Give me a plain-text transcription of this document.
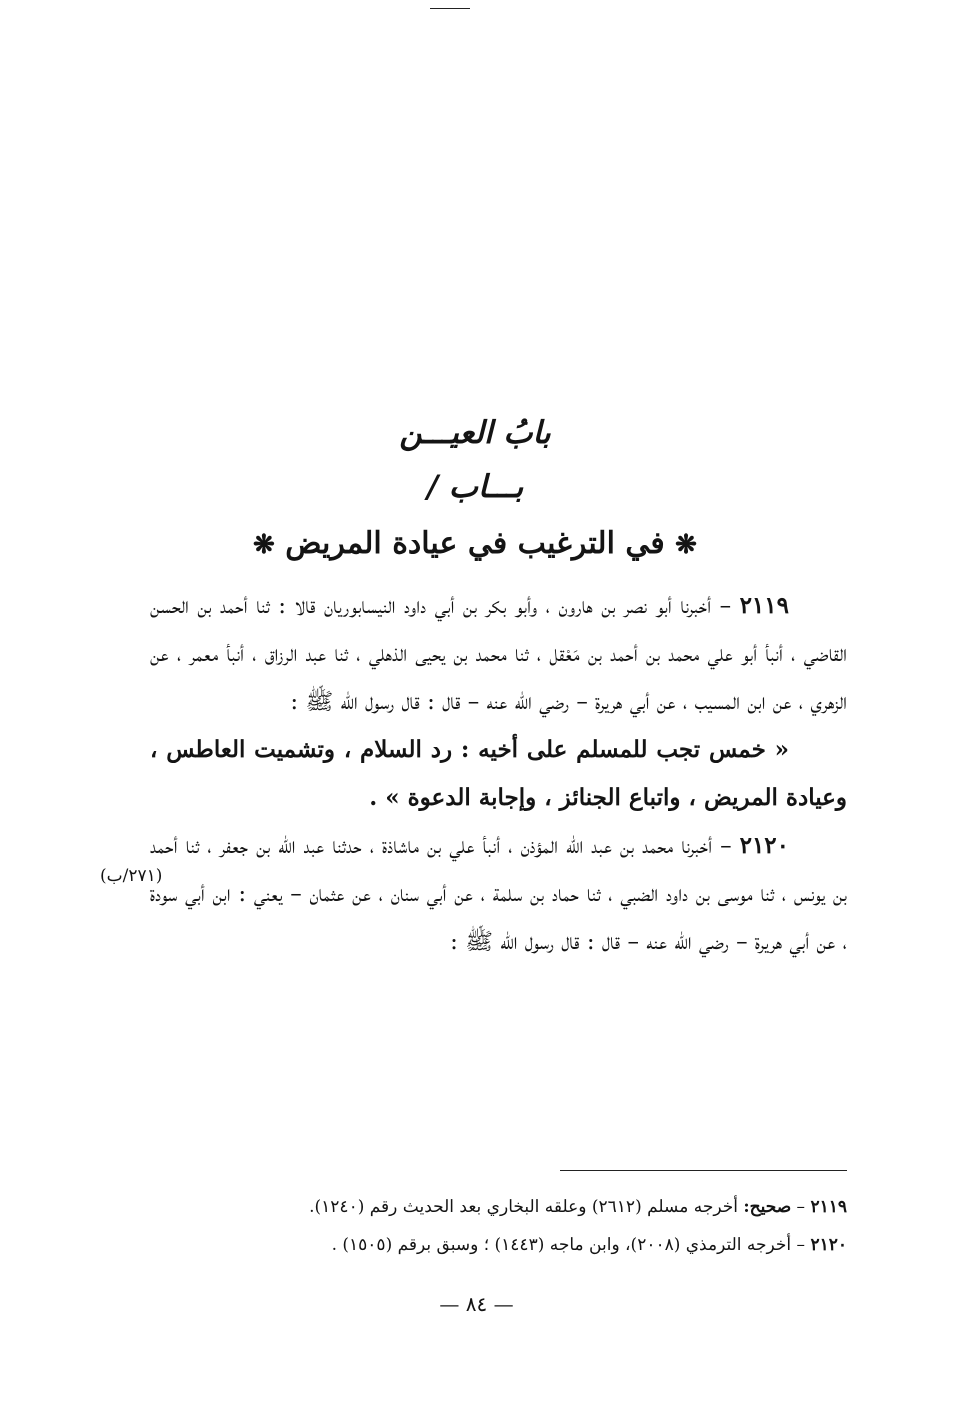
بابُ العيـــن

بـــاب /

❋ في الترغيب في عيادة المريض ❋

٢١١٩ – أخبرنا أبو نصر بن هارون ، وأبو بكر بن أبي داود النيسابوريان قالا : ثنا أحمد بن الحسن القاضي ، أنبأ أبو علي محمد بن أحمد بن مَعْقل ، ثنا محمد بن يحيى الذهلي ، ثنا عبد الرزاق ، أنبأ معمر ، عن الزهري ، عن ابن المسيب ، عن أبي هريرة – رضي الله عنه – قال : قال رسول الله ﷺ :

« خمس تجب للمسلم على أخيه : رد السلام ، وتشميت العاطس ، وعيادة المريض ، واتباع الجنائز ، وإجابة الدعوة » .

٢١٢٠ – أخبرنا محمد بن عبد الله المؤذن ، أنبأ علي بن ماشاذة ، حدثنا عبد الله بن جعفر ، ثنا أحمد بن يونس ، ثنا موسى بن داود الضبي ، ثنا حماد بن سلمة ، عن أبي سنان ، عن عثمان – يعني : ابن أبي سودة ، عن أبي هريرة – رضي الله عنه – قال : قال رسول الله ﷺ :

(٢٧١/ب)

٢١١٩ – صحيح: أخرجه مسلم (٢٦١٢) وعلقه البخاري بعد الحديث رقم (١٢٤٠).

٢١٢٠ – أخرجه الترمذي (٢٠٠٨)، وابن ماجه (١٤٤٣) ؛ وسبق برقم (١٥٠٥) .

— ٨٤ —
